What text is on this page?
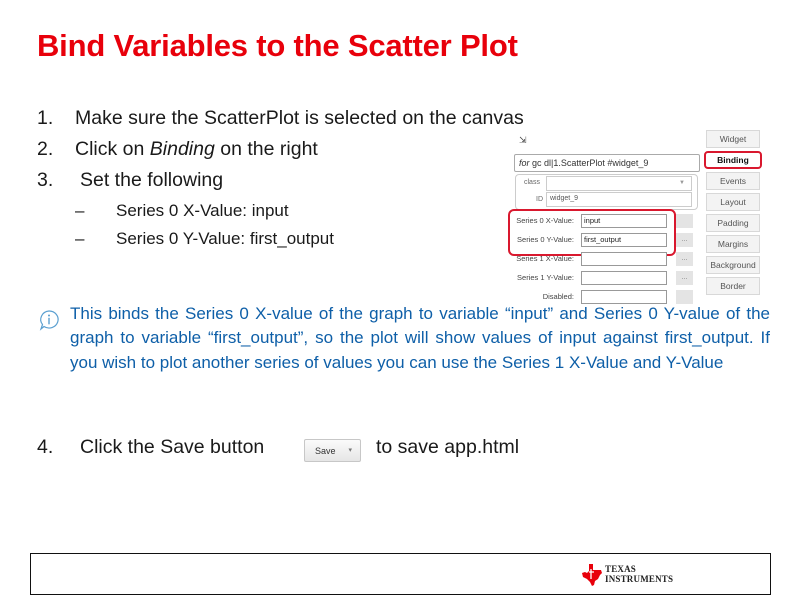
Bind Variables to the Scatter Plot
1. Make sure the ScatterPlot is selected on the canvas
2. Click on Binding on the right
3. Set the following
– Series 0 X-Value: input
– Series 0 Y-Value: first_output
⇲
for gc dl|1.ScatterPlot #widget_9
class	▼
ID	widget_9
Series 0 X-Value:	input
Series 0 Y-Value:	first_output	...
Series 1 X-Value:	...
Series 1 Y-Value:	...
Disabled:
Widget
Binding
Events
Layout
Padding
Margins
Background
Border
This binds the Series 0 X-value of the graph to variable “input” and Series 0 Y-value of the graph to variable “first_output”, so the plot will show values of input against first_output. If you wish to plot another series of values you can use the Series 1 X-Value and Y-Value
4. Click the Save button	to save app.html
Save ▾
TEXAS
INSTRUMENTS
